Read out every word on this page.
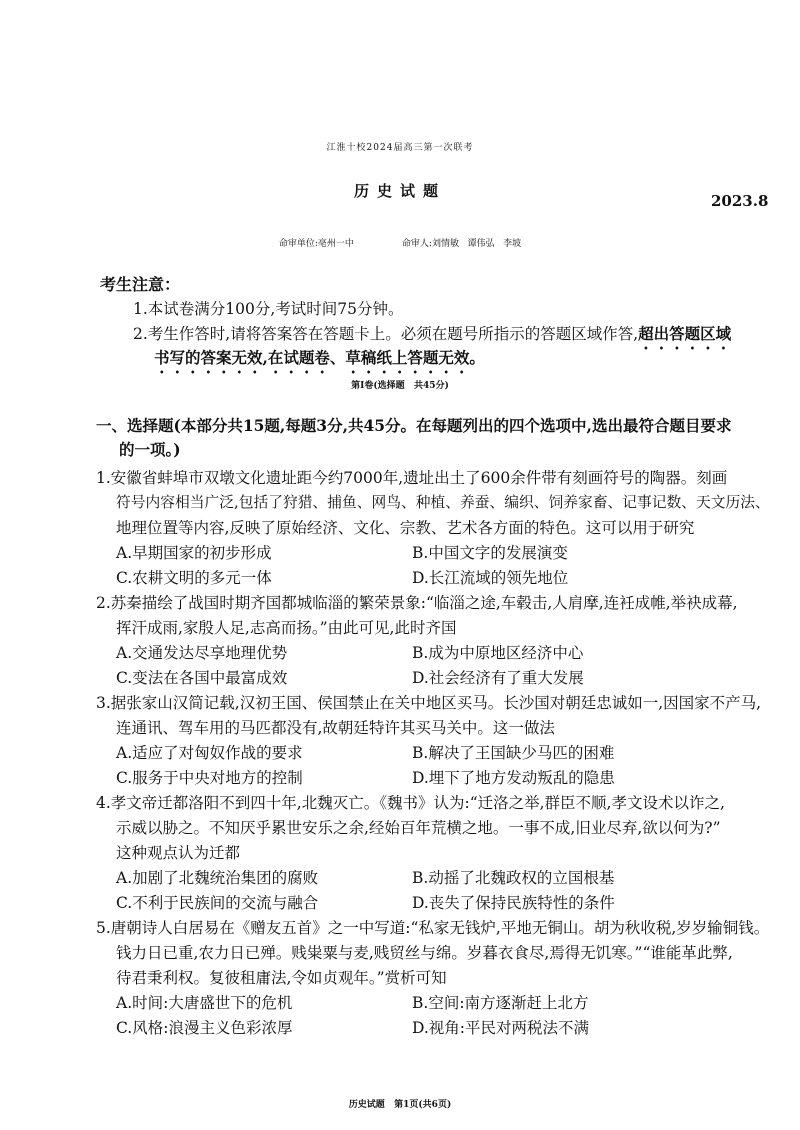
江淮十校2024届高三第一次联考
历史试题
2023.8
命审单位:亳州一中	命审人:刘情敏   谭伟弘   李坡
考生注意：
1.本试卷满分100分,考试时间75分钟。
2.考生作答时,请将答案答在答题卡上。必须在题号所指示的答题区域作答,超出答题区域
书写的答案无效,在试题卷、草稿纸上答题无效。
第Ⅰ卷(选择题   共45分)
一、选择题(本部分共15题,每题3分,共45分。在每题列出的四个选项中,选出最符合题目要求
的一项。)
1.安徽省蚌埠市双墩文化遗址距今约7000年,遗址出土了600余件带有刻画符号的陶器。刻画
符号内容相当广泛,包括了狩猎、捕鱼、网鸟、种植、养蚕、编织、饲养家畜、记事记数、天文历法、
地理位置等内容,反映了原始经济、文化、宗教、艺术各方面的特色。这可以用于研究
A.早期国家的初步形成	B.中国文字的发展演变
C.农耕文明的多元一体	D.长江流域的领先地位
2.苏秦描绘了战国时期齐国都城临淄的繁荣景象:“临淄之途,车毂击,人肩摩,连衽成帷,举袂成幕,
挥汗成雨,家殷人足,志高而扬。”由此可见,此时齐国
A.交通发达尽享地理优势	B.成为中原地区经济中心
C.变法在各国中最富成效	D.社会经济有了重大发展
3.据张家山汉简记载,汉初王国、侯国禁止在关中地区买马。长沙国对朝廷忠诚如一,因国家不产马,
连通讯、驾车用的马匹都没有,故朝廷特许其买马关中。这一做法
A.适应了对匈奴作战的要求	B.解决了王国缺少马匹的困难
C.服务于中央对地方的控制	D.埋下了地方发动叛乱的隐患
4.孝文帝迁都洛阳不到四十年,北魏灭亡。《魏书》认为:“迁洛之举,群臣不顺,孝文设术以诈之,
示威以胁之。不知厌乎累世安乐之余,经始百年荒横之地。一事不成,旧业尽弃,欲以何为?”
这种观点认为迁都
A.加剧了北魏统治集团的腐败	B.动摇了北魏政权的立国根基
C.不利于民族间的交流与融合	D.丧失了保持民族特性的条件
5.唐朝诗人白居易在《赠友五首》之一中写道:“私家无钱炉,平地无铜山。胡为秋收税,岁岁输铜钱。
钱力日已重,农力日已殚。贱粜粟与麦,贱贸丝与绵。岁暮衣食尽,焉得无饥寒。”“谁能革此弊,
待君秉利权。复彼租庸法,令如贞观年。”赏析可知
A.时间:大唐盛世下的危机	B.空间:南方逐渐赶上北方
C.风格:浪漫主义色彩浓厚	D.视角:平民对两税法不满
历史试题   第1页(共6页)
